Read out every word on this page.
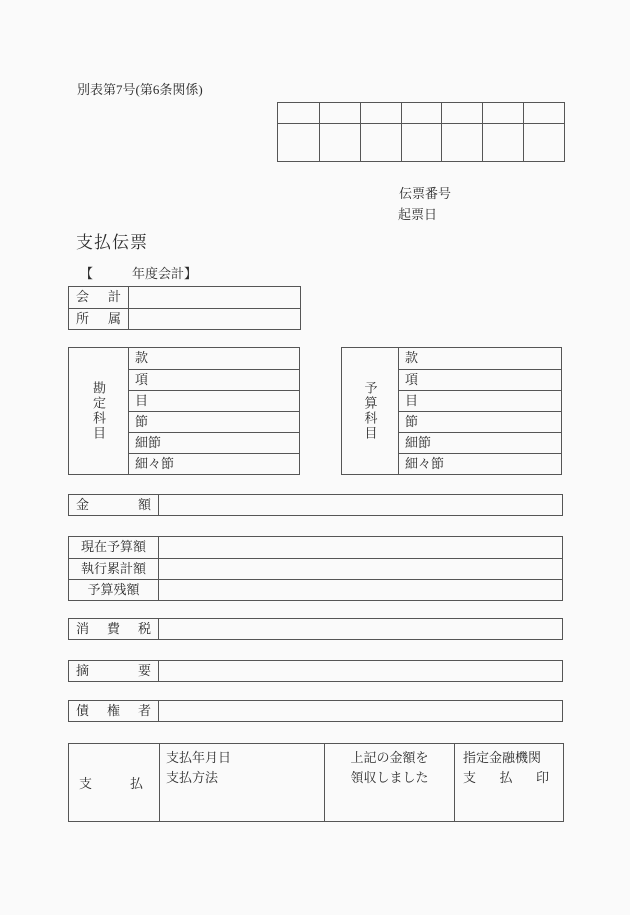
別表第7号(第6条関係)
伝票番号
起票日
支払伝票
【　　　年度会計】
会計
所属
勘定科目
款
項
目
節
細節
細々節
予算科目
款
項
目
節
細節
細々節
金額
現在予算額
執行累計額
予算残額
消費税
摘要
債権者
支払
支払年月日
支払方法
上記の金額を
領収しました
指定金融機関
支払印
